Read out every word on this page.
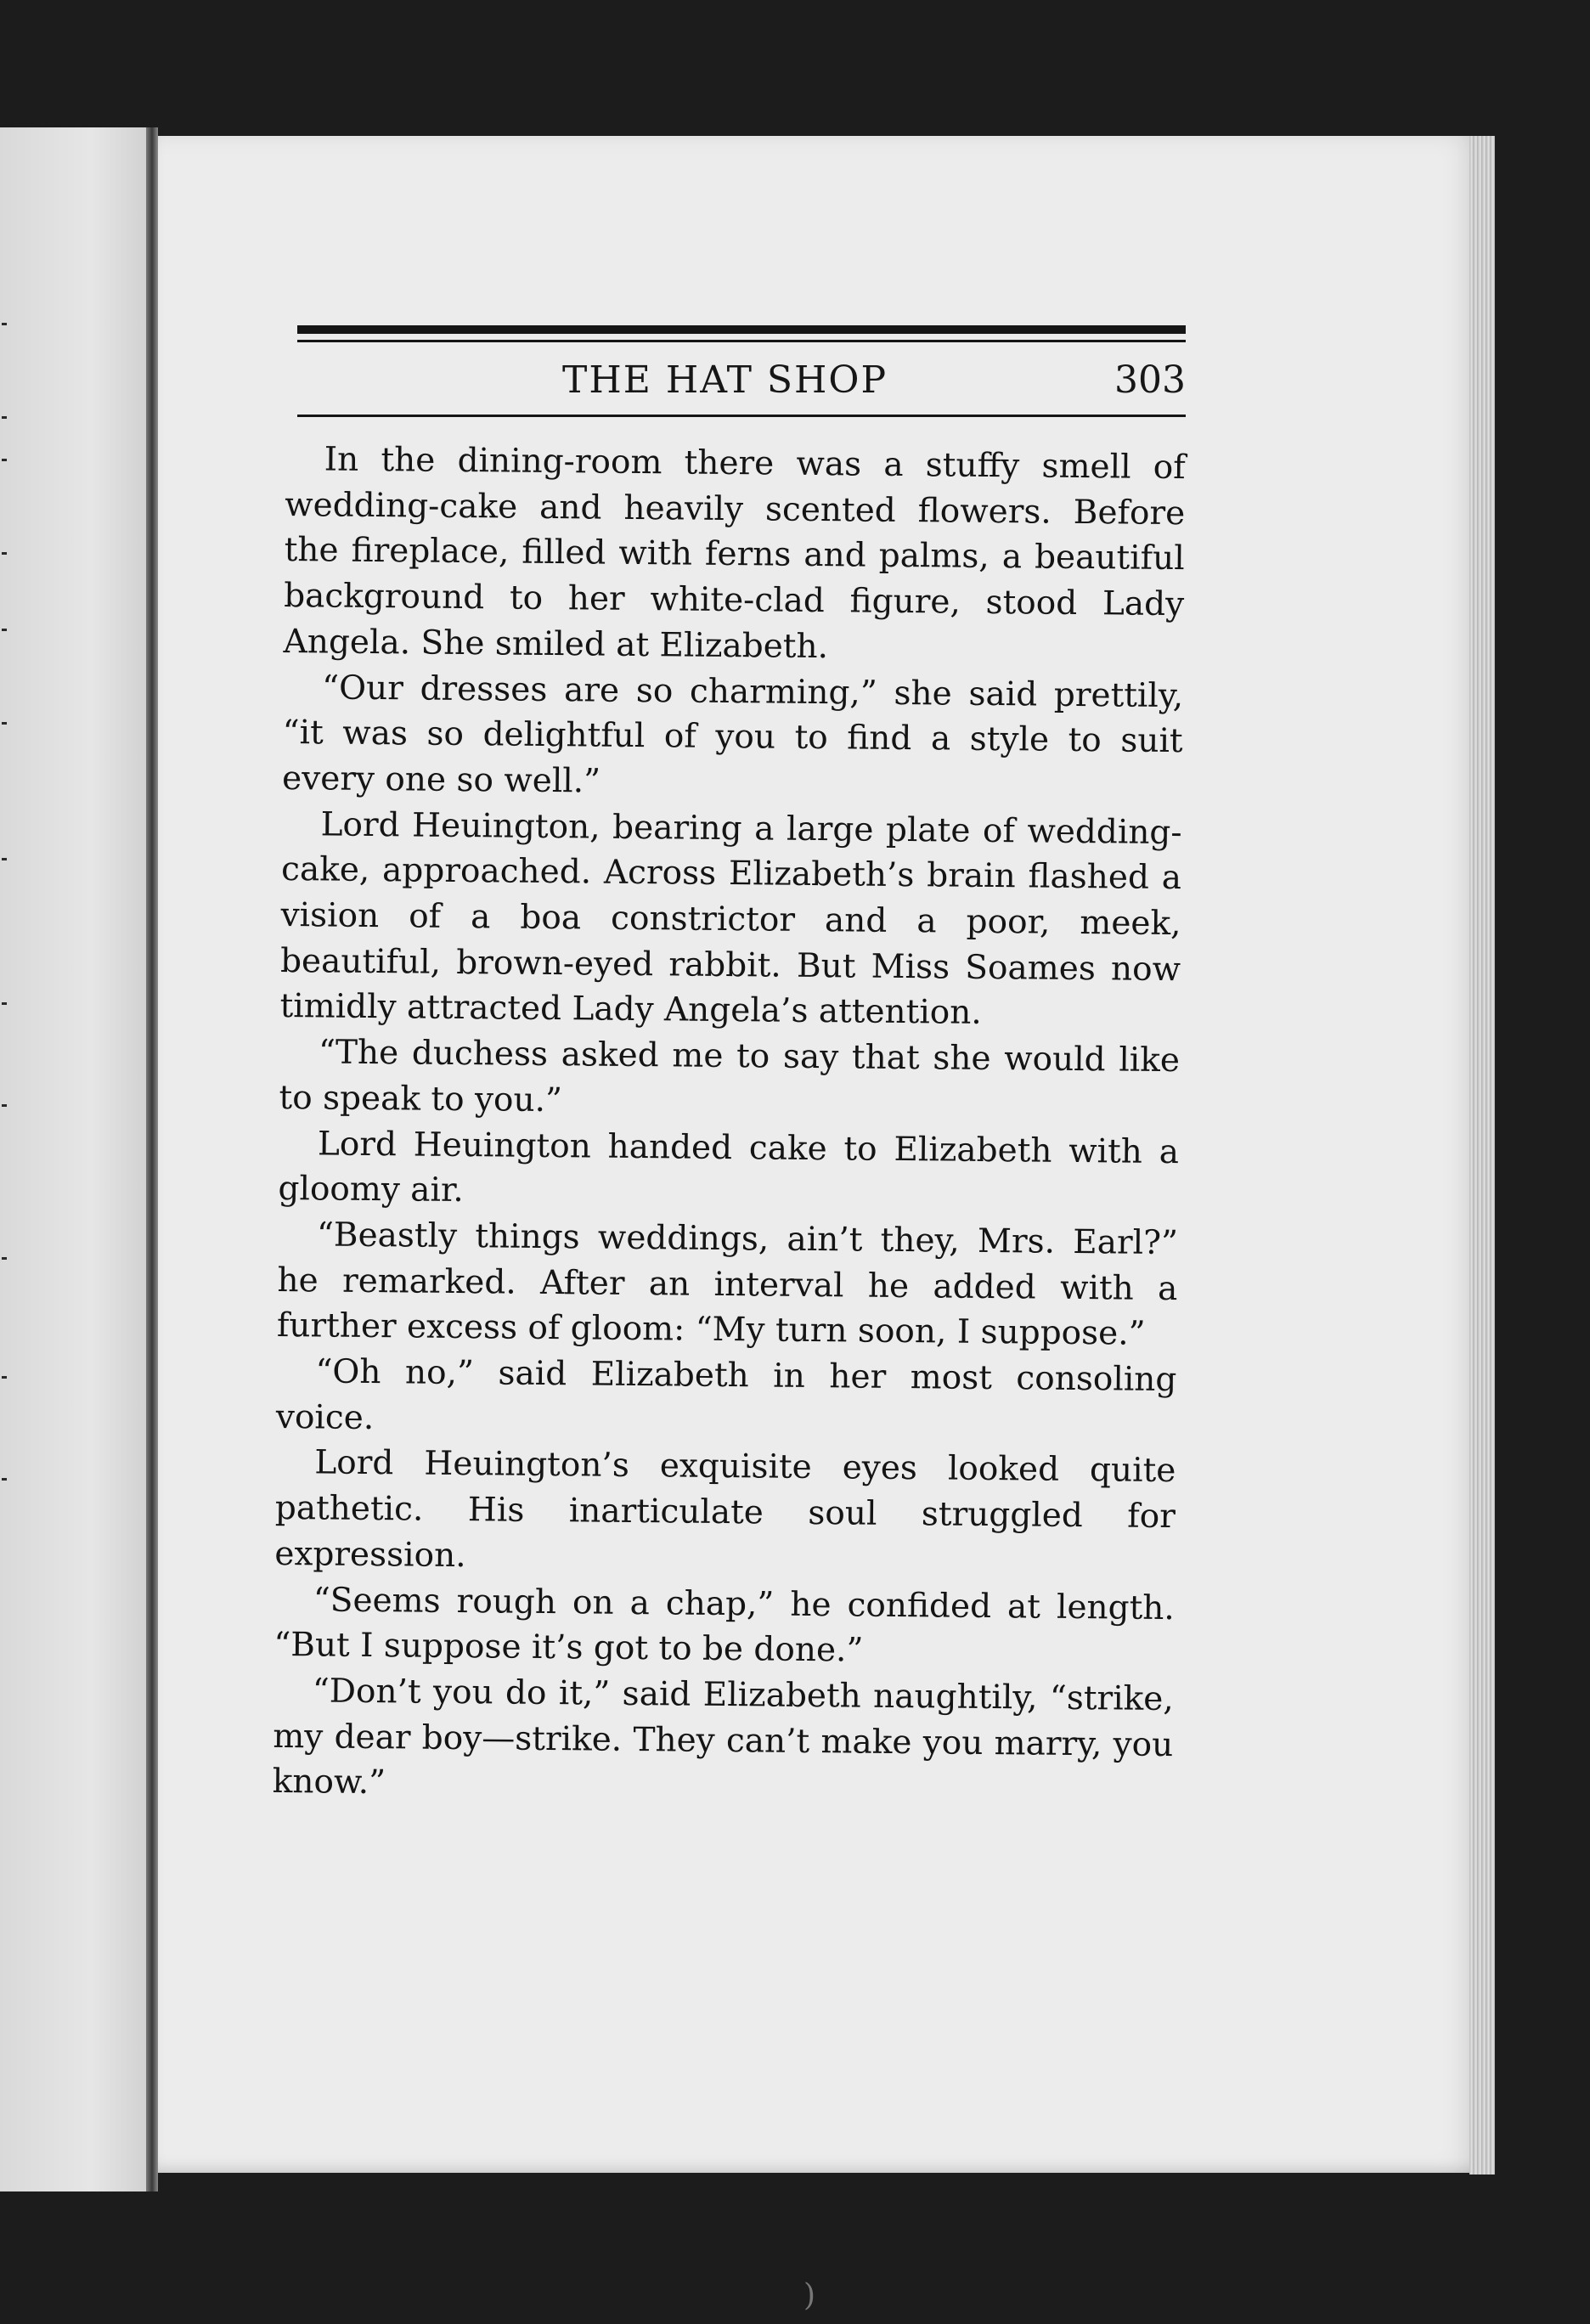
THE HAT SHOP	303

In the dining-room there was a stuffy smell of wedding-cake and heavily scented flowers. Before the fireplace, filled with ferns and palms, a beautiful background to her white-clad figure, stood Lady Angela. She smiled at Elizabeth.

“Our dresses are so charming,” she said prettily, “it was so delightful of you to find a style to suit every one so well.”

Lord Heuington, bearing a large plate of wedding-cake, approached. Across Elizabeth’s brain flashed a vision of a boa constrictor and a poor, meek, beautiful, brown-eyed rabbit. But Miss Soames now timidly attracted Lady Angela’s attention.

“The duchess asked me to say that she would like to speak to you.”

Lord Heuington handed cake to Elizabeth with a gloomy air.

“Beastly things weddings, ain’t they, Mrs. Earl?” he remarked. After an interval he added with a further excess of gloom: “My turn soon, I suppose.”

“Oh no,” said Elizabeth in her most consoling voice.

Lord Heuington’s exquisite eyes looked quite pathetic. His inarticulate soul struggled for expression.

“Seems rough on a chap,” he confided at length. “But I suppose it’s got to be done.”

“Don’t you do it,” said Elizabeth naughtily, “strike, my dear boy—strike. They can’t make you marry, you know.”

)
